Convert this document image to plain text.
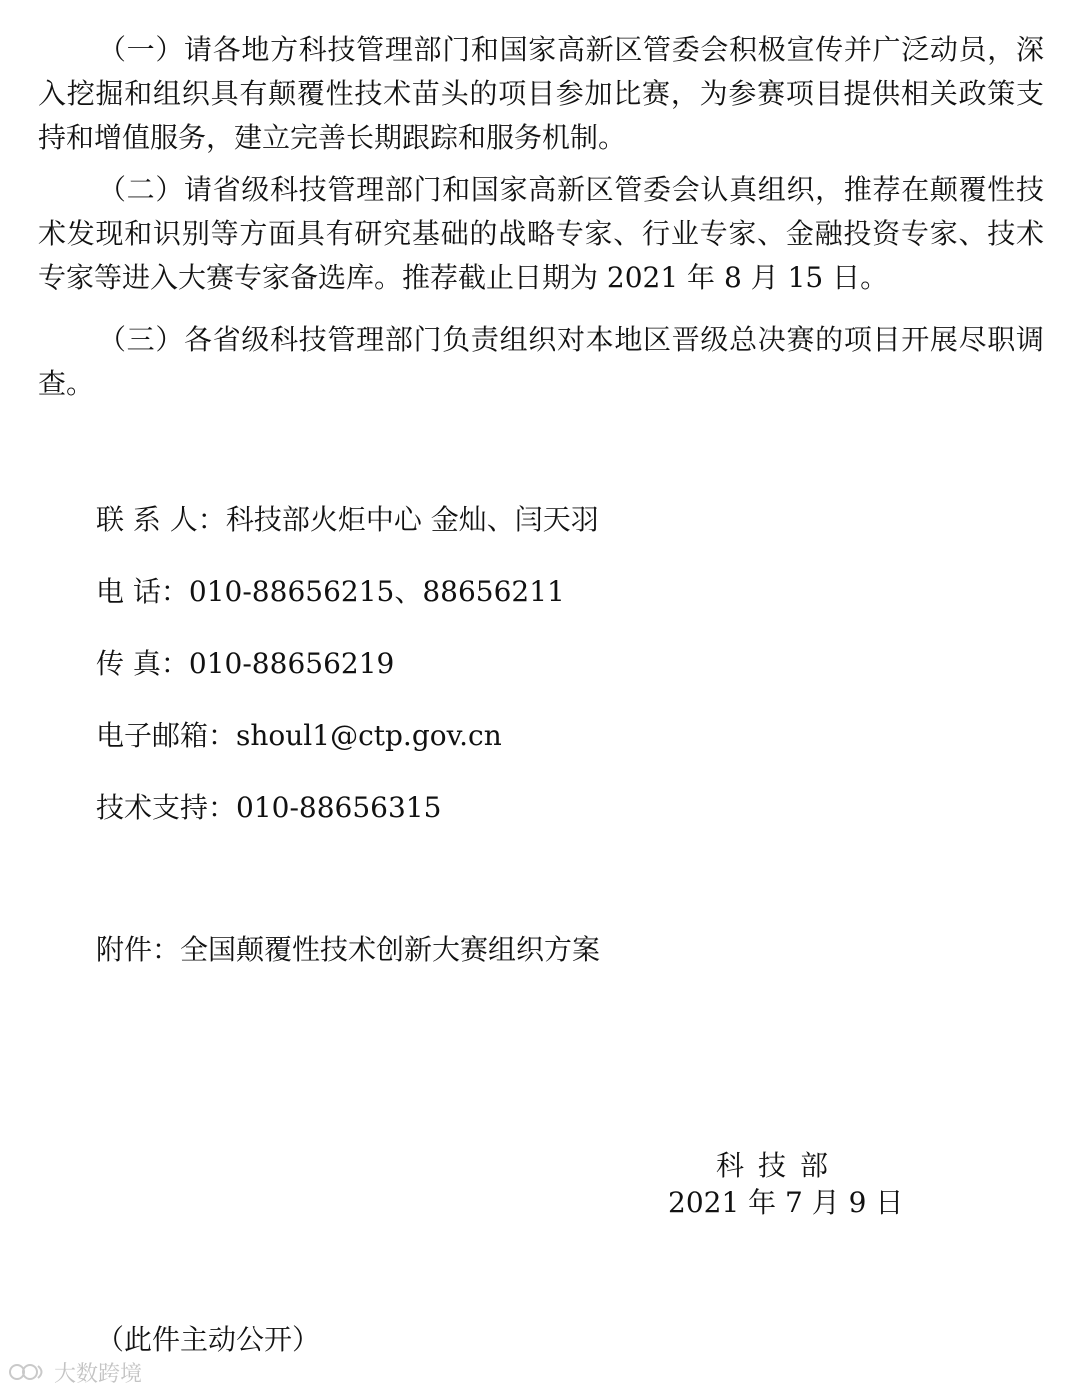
（一）请各地方科技管理部门和国家高新区管委会积极宣传并广泛动员，深入挖掘和组织具有颠覆性技术苗头的项目参加比赛，为参赛项目提供相关政策支持和增值服务，建立完善长期跟踪和服务机制。

（二）请省级科技管理部门和国家高新区管委会认真组织，推荐在颠覆性技术发现和识别等方面具有研究基础的战略专家、行业专家、金融投资专家、技术专家等进入大赛专家备选库。推荐截止日期为 2021 年 8 月 15 日。

（三）各省级科技管理部门负责组织对本地区晋级总决赛的项目开展尽职调查。

联 系 人：科技部火炬中心 金灿、闫天羽
电 话：010-88656215、88656211
传 真：010-88656219
电子邮箱：shoul1@ctp.gov.cn
技术支持：010-88656315
附件：全国颠覆性技术创新大赛组织方案
科技部
2021 年 7 月 9 日
（此件主动公开）
大数跨境
